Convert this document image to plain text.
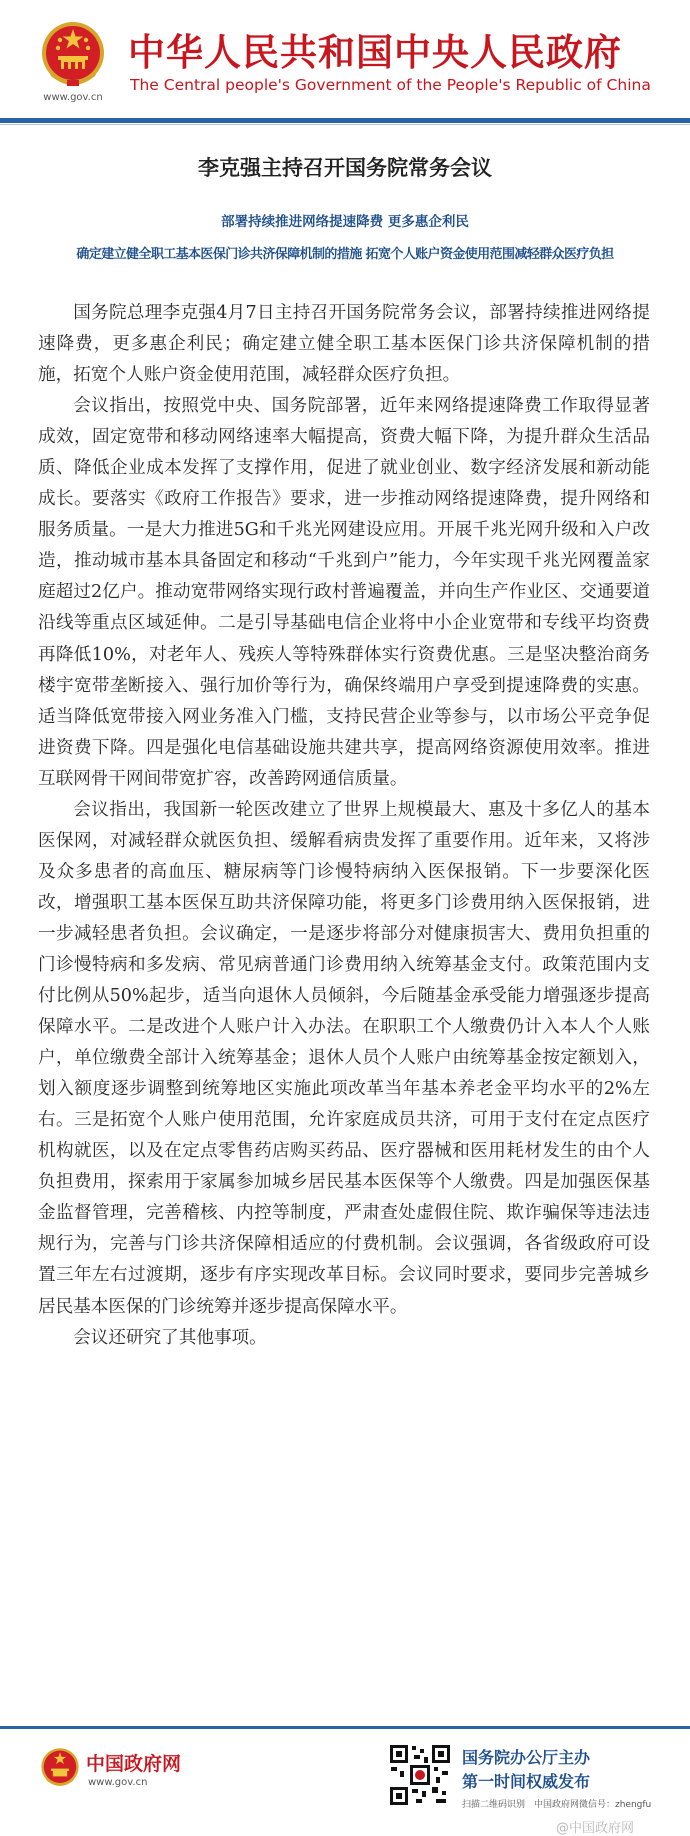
www.gov.cn
中华人民共和国中央人民政府
The Central people's Government of the People's Republic of China
李克强主持召开国务院常务会议
部署持续推进网络提速降费 更多惠企利民
确定建立健全职工基本医保门诊共济保障机制的措施 拓宽个人账户资金使用范围减轻群众医疗负担

国务院总理李克强4月7日主持召开国务院常务会议，部署持续推进网络提速降费，更多惠企利民；确定建立健全职工基本医保门诊共济保障机制的措施，拓宽个人账户资金使用范围，减轻群众医疗负担。

会议指出，按照党中央、国务院部署，近年来网络提速降费工作取得显著成效，固定宽带和移动网络速率大幅提高，资费大幅下降，为提升群众生活品质、降低企业成本发挥了支撑作用，促进了就业创业、数字经济发展和新动能成长。要落实《政府工作报告》要求，进一步推动网络提速降费，提升网络和服务质量。一是大力推进5G和千兆光网建设应用。开展千兆光网升级和入户改造，推动城市基本具备固定和移动“千兆到户”能力，今年实现千兆光网覆盖家庭超过2亿户。推动宽带网络实现行政村普遍覆盖，并向生产作业区、交通要道沿线等重点区域延伸。二是引导基础电信企业将中小企业宽带和专线平均资费再降低10%，对老年人、残疾人等特殊群体实行资费优惠。三是坚决整治商务楼宇宽带垄断接入、强行加价等行为，确保终端用户享受到提速降费的实惠。适当降低宽带接入网业务准入门槛，支持民营企业等参与，以市场公平竞争促进资费下降。四是强化电信基础设施共建共享，提高网络资源使用效率。推进互联网骨干网间带宽扩容，改善跨网通信质量。

会议指出，我国新一轮医改建立了世界上规模最大、惠及十多亿人的基本医保网，对减轻群众就医负担、缓解看病贵发挥了重要作用。近年来，又将涉及众多患者的高血压、糖尿病等门诊慢特病纳入医保报销。下一步要深化医改，增强职工基本医保互助共济保障功能，将更多门诊费用纳入医保报销，进一步减轻患者负担。会议确定，一是逐步将部分对健康损害大、费用负担重的门诊慢特病和多发病、常见病普通门诊费用纳入统筹基金支付。政策范围内支付比例从50%起步，适当向退休人员倾斜，今后随基金承受能力增强逐步提高保障水平。二是改进个人账户计入办法。在职职工个人缴费仍计入本人个人账户，单位缴费全部计入统筹基金；退休人员个人账户由统筹基金按定额划入，划入额度逐步调整到统筹地区实施此项改革当年基本养老金平均水平的2%左右。三是拓宽个人账户使用范围，允许家庭成员共济，可用于支付在定点医疗机构就医，以及在定点零售药店购买药品、医疗器械和医用耗材发生的由个人负担费用，探索用于家属参加城乡居民基本医保等个人缴费。四是加强医保基金监督管理，完善稽核、内控等制度，严肃查处虚假住院、欺诈骗保等违法违规行为，完善与门诊共济保障相适应的付费机制。会议强调，各省级政府可设置三年左右过渡期，逐步有序实现改革目标。会议同时要求，要同步完善城乡居民基本医保的门诊统筹并逐步提高保障水平。

会议还研究了其他事项。

中国政府网
www.gov.cn
国务院办公厅主办
第一时间权威发布
扫描二维码识别　中国政府网微信号：zhengfu
@中国政府网
